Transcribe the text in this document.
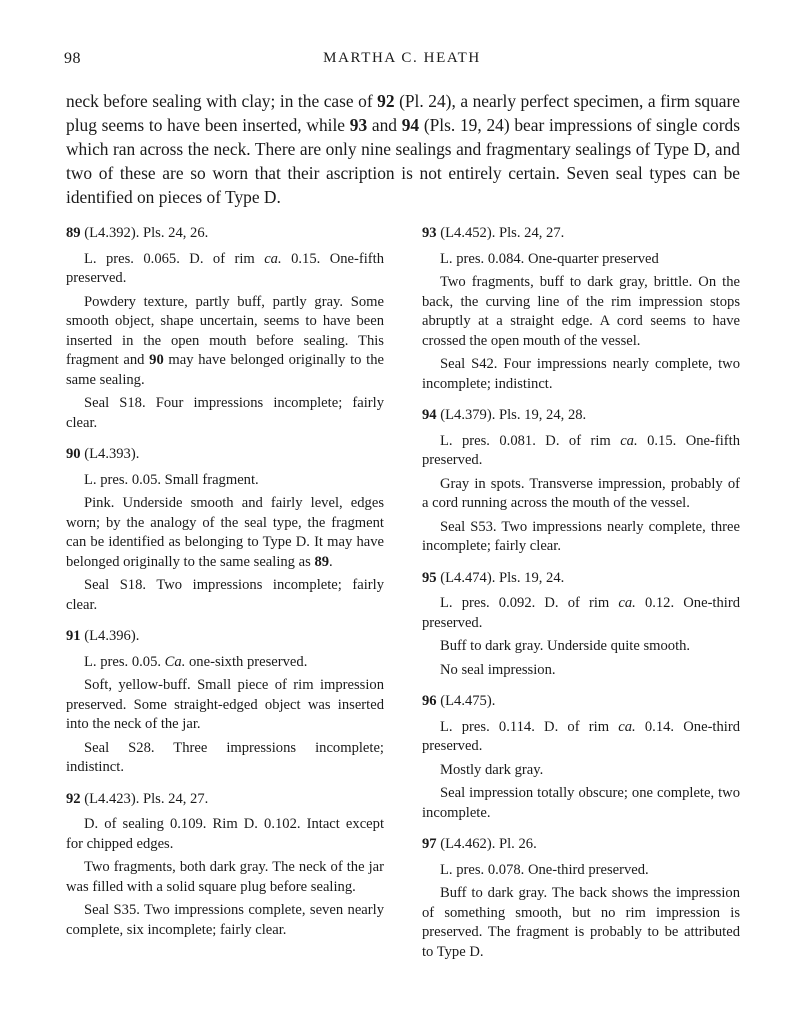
98	MARTHA C. HEATH

neck before sealing with clay; in the case of 92 (Pl. 24), a nearly perfect specimen, a firm square plug seems to have been inserted, while 93 and 94 (Pls. 19, 24) bear impressions of single cords which ran across the neck. There are only nine sealings and fragmentary sealings of Type D, and two of these are so worn that their ascription is not entirely certain. Seven seal types can be identified on pieces of Type D.

89 (L4.392). Pls. 24, 26.

L. pres. 0.065. D. of rim ca. 0.15. One-fifth preserved.

Powdery texture, partly buff, partly gray. Some smooth object, shape uncertain, seems to have been inserted in the open mouth before sealing. This fragment and 90 may have belonged originally to the same sealing.

Seal S18. Four impressions incomplete; fairly clear.

90 (L4.393).

L. pres. 0.05. Small fragment.

Pink. Underside smooth and fairly level, edges worn; by the analogy of the seal type, the fragment can be identified as belonging to Type D. It may have belonged originally to the same sealing as 89.

Seal S18. Two impressions incomplete; fairly clear.

91 (L4.396).

L. pres. 0.05. Ca. one-sixth preserved.

Soft, yellow-buff. Small piece of rim impression preserved. Some straight-edged object was inserted into the neck of the jar.

Seal S28. Three impressions incomplete; indistinct.

92 (L4.423). Pls. 24, 27.

D. of sealing 0.109. Rim D. 0.102. Intact except for chipped edges.

Two fragments, both dark gray. The neck of the jar was filled with a solid square plug before sealing.

Seal S35. Two impressions complete, seven nearly complete, six incomplete; fairly clear.

93 (L4.452). Pls. 24, 27.

L. pres. 0.084. One-quarter preserved

Two fragments, buff to dark gray, brittle. On the back, the curving line of the rim impression stops abruptly at a straight edge. A cord seems to have crossed the open mouth of the vessel.

Seal S42. Four impressions nearly complete, two incomplete; indistinct.

94 (L4.379). Pls. 19, 24, 28.

L. pres. 0.081. D. of rim ca. 0.15. One-fifth preserved.

Gray in spots. Transverse impression, probably of a cord running across the mouth of the vessel.

Seal S53. Two impressions nearly complete, three incomplete; fairly clear.

95 (L4.474). Pls. 19, 24.

L. pres. 0.092. D. of rim ca. 0.12. One-third preserved.

Buff to dark gray. Underside quite smooth.

No seal impression.

96 (L4.475).

L. pres. 0.114. D. of rim ca. 0.14. One-third preserved.

Mostly dark gray.

Seal impression totally obscure; one complete, two incomplete.

97 (L4.462). Pl. 26.

L. pres. 0.078. One-third preserved.

Buff to dark gray. The back shows the impression of something smooth, but no rim impression is preserved. The fragment is probably to be attributed to Type D.
